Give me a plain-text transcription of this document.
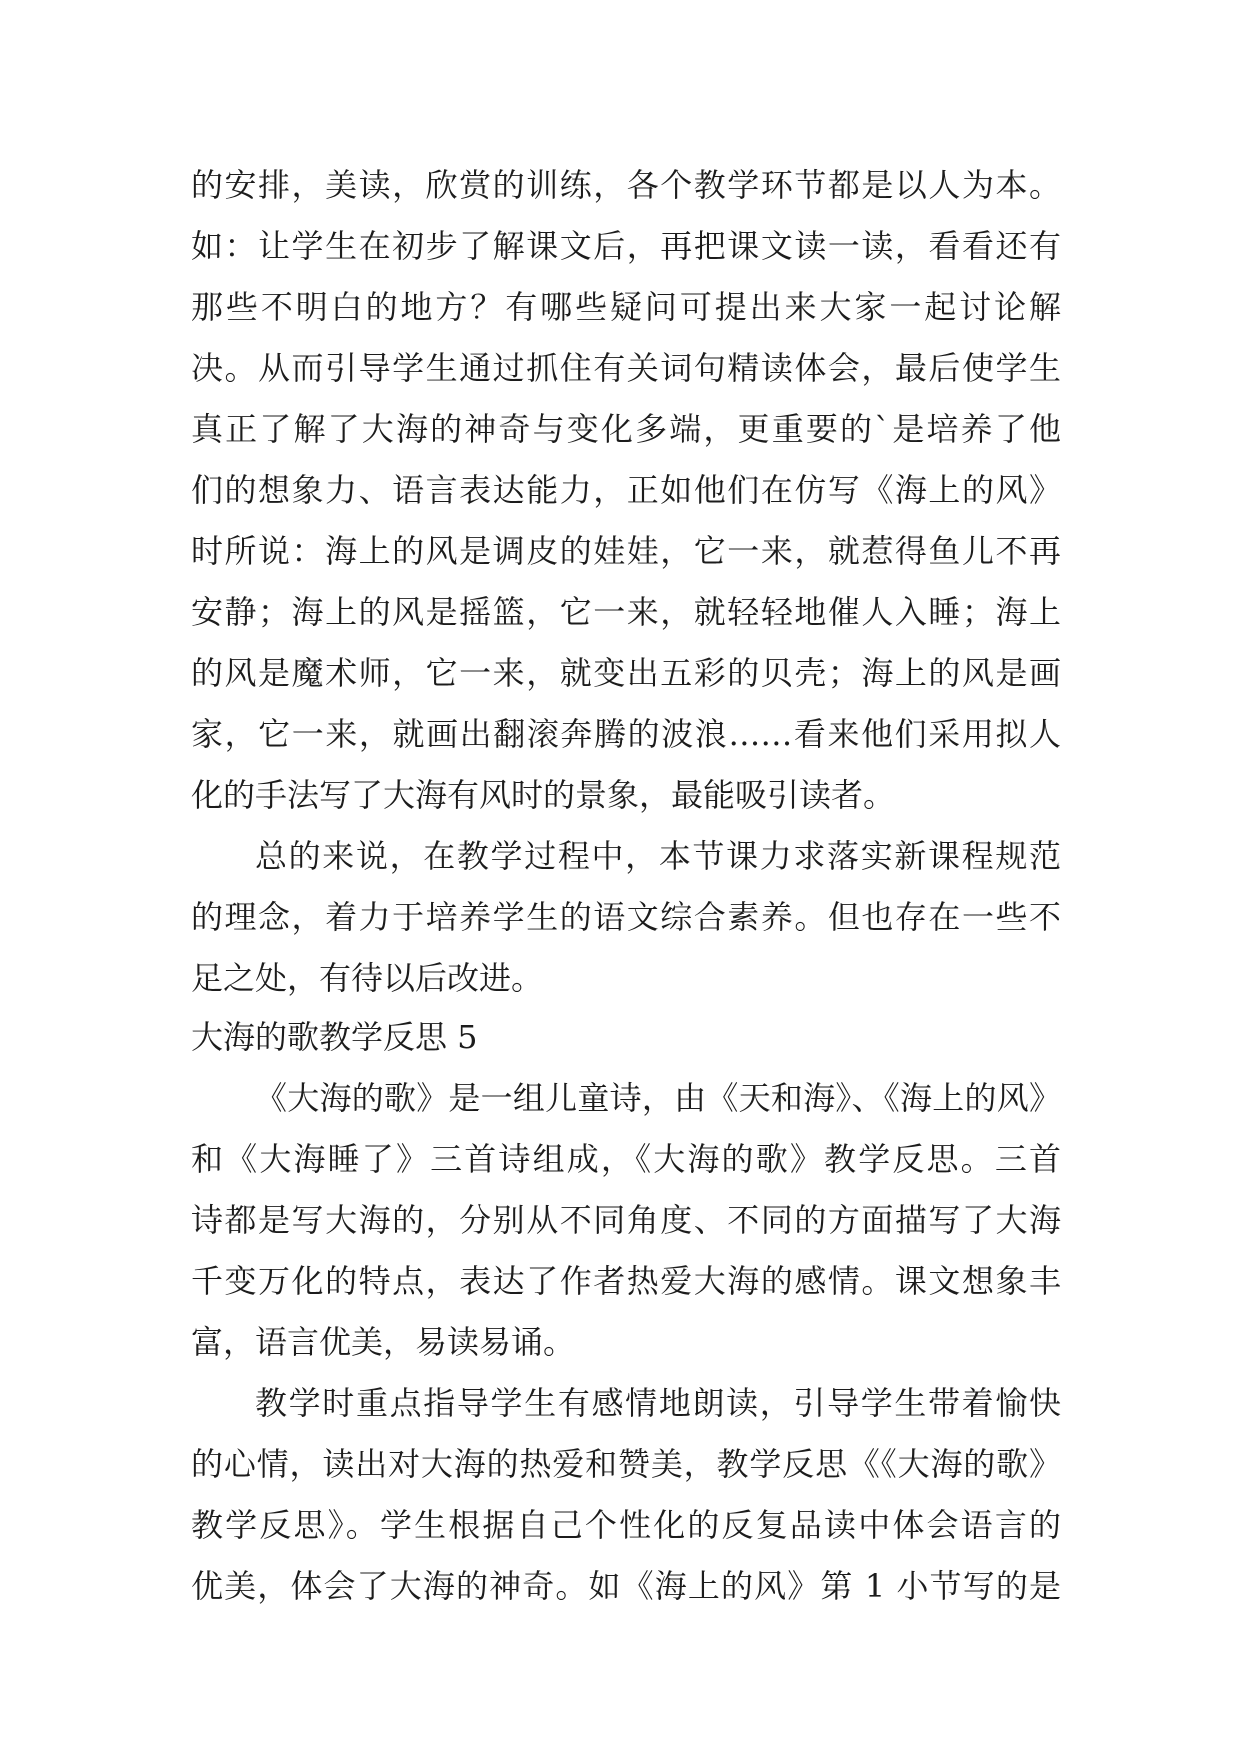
的安排，美读，欣赏的训练，各个教学环节都是以人为本。
如：让学生在初步了解课文后，再把课文读一读，看看还有
那些不明白的地方？有哪些疑问可提出来大家一起讨论解
决。从而引导学生通过抓住有关词句精读体会，最后使学生
真正了解了大海的神奇与变化多端，更重要的`是培养了他
们的想象力、语言表达能力，正如他们在仿写《海上的风》
时所说：海上的风是调皮的娃娃，它一来，就惹得鱼儿不再
安静；海上的风是摇篮，它一来，就轻轻地催人入睡；海上
的风是魔术师，它一来，就变出五彩的贝壳；海上的风是画
家，它一来，就画出翻滚奔腾的波浪……看来他们采用拟人
化的手法写了大海有风时的景象，最能吸引读者。
总的来说，在教学过程中，本节课力求落实新课程规范
的理念，着力于培养学生的语文综合素养。但也存在一些不
足之处，有待以后改进。
大海的歌教学反思 5
《大海的歌》是一组儿童诗，由《天和海》、《海上的风》
和《大海睡了》三首诗组成，《大海的歌》教学反思。三首
诗都是写大海的，分别从不同角度、不同的方面描写了大海
千变万化的特点，表达了作者热爱大海的感情。课文想象丰
富，语言优美，易读易诵。
教学时重点指导学生有感情地朗读，引导学生带着愉快
的心情，读出对大海的热爱和赞美，教学反思《《大海的歌》
教学反思》。学生根据自己个性化的反复品读中体会语言的
优美，体会了大海的神奇。如《海上的风》第 1 小节写的是
